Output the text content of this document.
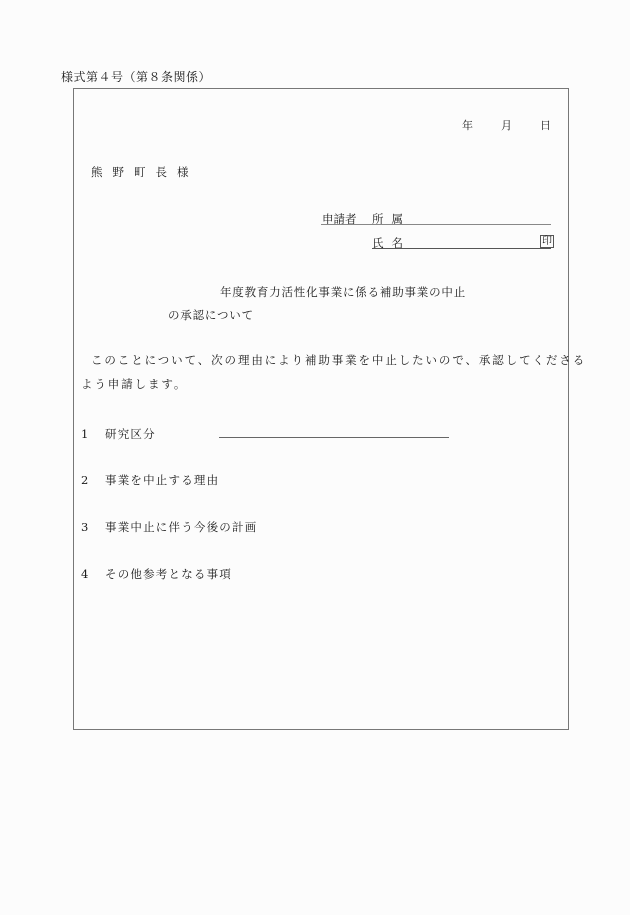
様式第４号（第８条関係）
年	月	日
熊野町長様
申請者 所属
氏名	印
年度教育力活性化事業に係る補助事業の中止
の承認について
このことについて、次の理由により補助事業を中止したいので、承認してくださる
よう申請します。
1 研究区分
2 事業を中止する理由
3 事業中止に伴う今後の計画
4 その他参考となる事項
